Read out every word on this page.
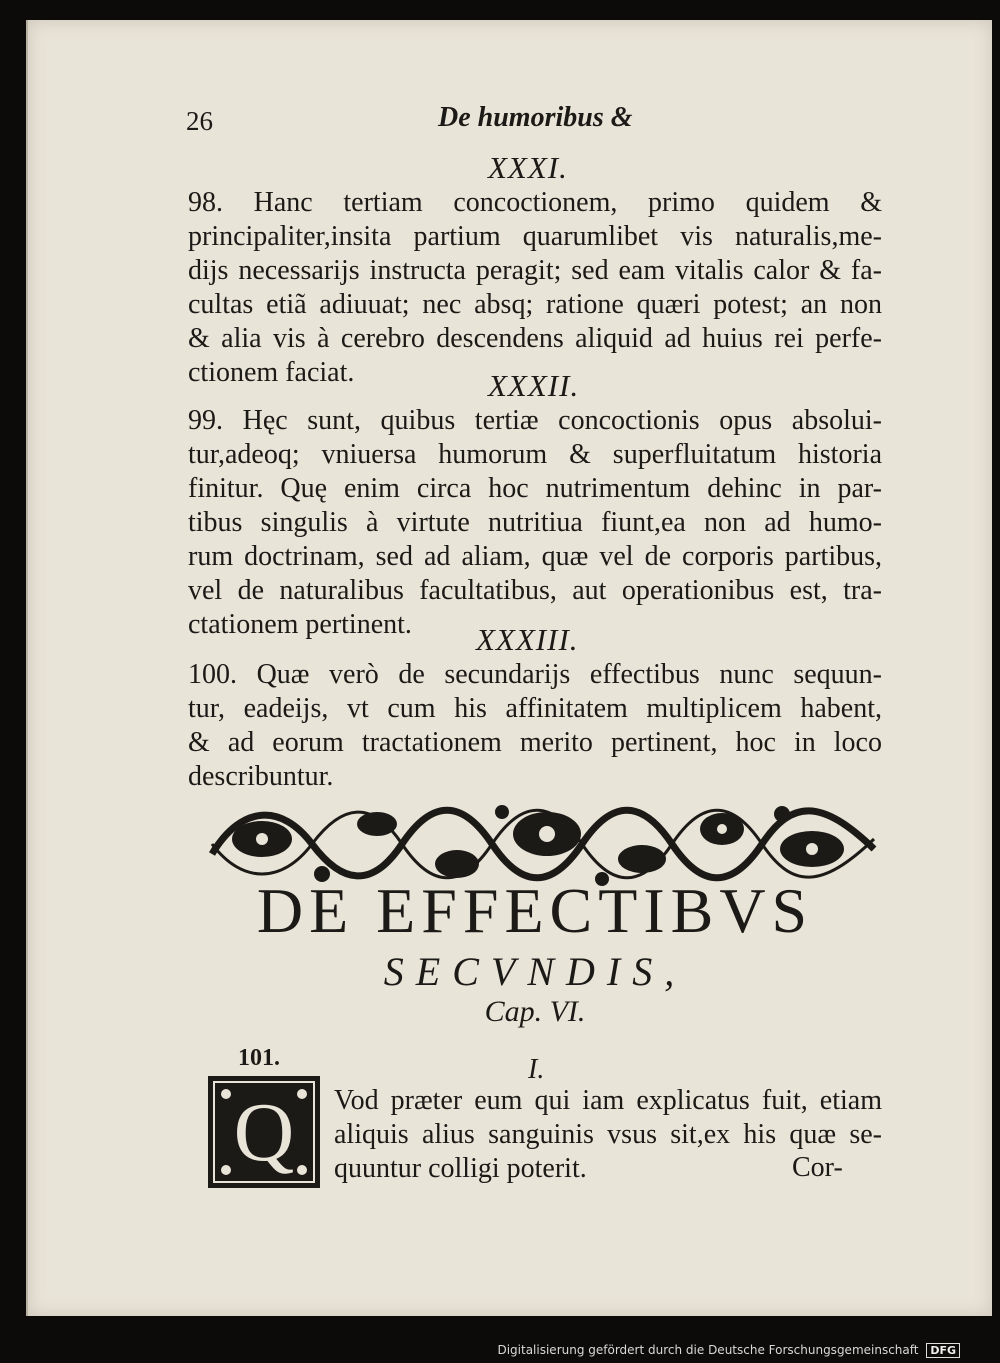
26	De humoribus &
XXXI.
98. Hanc tertiam concoctionem, primo quidem &
principaliter,insita partium quarumlibet vis naturalis,me-
dijs necessarijs instructa peragit; sed eam vitalis calor & fa-
cultas etiã adiuuat; nec absq; ratione quæri potest; an non
& alia vis à cerebro descendens aliquid ad huius rei perfe-
ctionem faciat.	XXXII.
99. Hęc sunt, quibus tertiæ concoctionis opus absolui-
tur,adeoq; vniuersa humorum & superfluitatum historia
finitur. Quę enim circa hoc nutrimentum dehinc in par-
tibus singulis à virtute nutritiua fiunt,ea non ad humo-
rum doctrinam, sed ad aliam, quæ vel de corporis partibus,
vel de naturalibus facultatibus, aut operationibus est, tra-
ctationem pertinent.	XXXIII.
100. Quæ verò de secundarijs effectibus nunc sequun-
tur, eadeijs, vt cum his affinitatem multiplicem habent,
& ad eorum tractationem merito pertinent, hoc in loco
describuntur.
DE EFFECTIBVS
SECVNDIS,
Cap. VI.
101.	I.
Q Vod præter eum qui iam explicatus fuit, etiam
aliquis alius sanguinis vsus sit,ex his quæ se-
quuntur colligi poterit.	Cor-
Digitalisierung gefördert durch die Deutsche Forschungsgemeinschaft DFG
